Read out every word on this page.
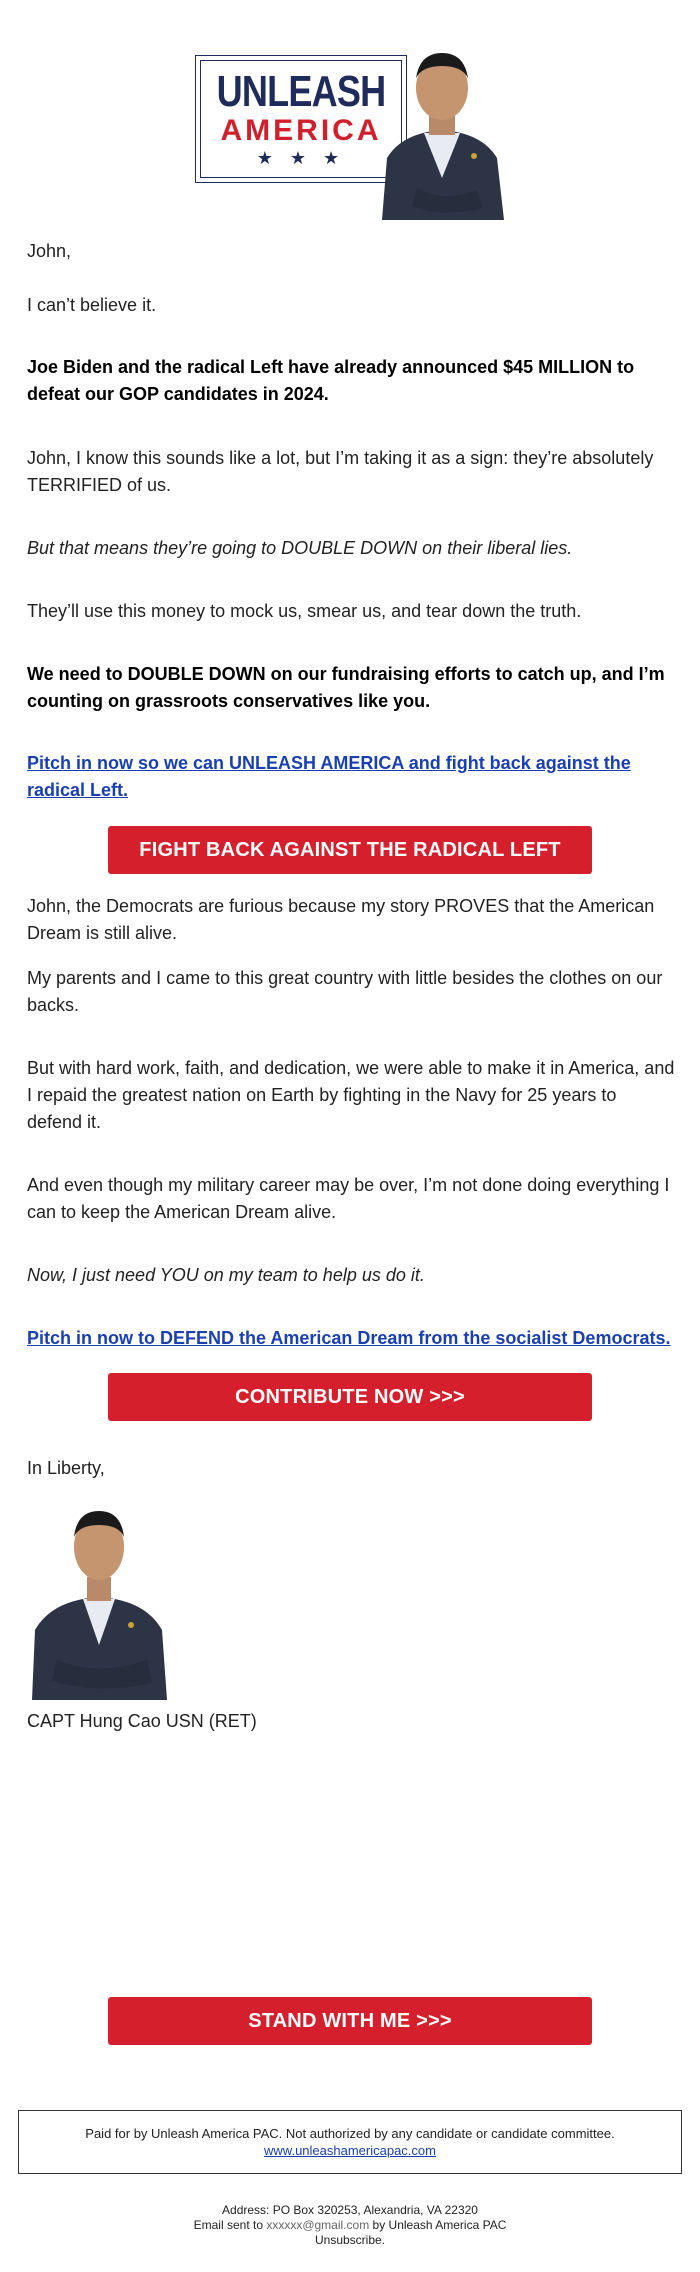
UNLEASH
AMERICA
★ ★ ★

John,

I can’t believe it.

Joe Biden and the radical Left have already announced $45 MILLION to defeat our GOP candidates in 2024.

John, I know this sounds like a lot, but I’m taking it as a sign: they’re absolutely TERRIFIED of us.

But that means they’re going to DOUBLE DOWN on their liberal lies.

They’ll use this money to mock us, smear us, and tear down the truth.

We need to DOUBLE DOWN on our fundraising efforts to catch up, and I’m counting on grassroots conservatives like you.

Pitch in now so we can UNLEASH AMERICA and fight back against the radical Left.

FIGHT BACK AGAINST THE RADICAL LEFT

John, the Democrats are furious because my story PROVES that the American Dream is still alive.

My parents and I came to this great country with little besides the clothes on our backs.

But with hard work, faith, and dedication, we were able to make it in America, and I repaid the greatest nation on Earth by fighting in the Navy for 25 years to defend it.

And even though my military career may be over, I’m not done doing everything I can to keep the American Dream alive.

Now, I just need YOU on my team to help us do it.

Pitch in now to DEFEND the American Dream from the socialist Democrats.

CONTRIBUTE NOW >>>

In Liberty,

CAPT Hung Cao USN (RET)

STAND WITH ME >>>
Paid for by Unleash America PAC. Not authorized by any candidate or candidate committee.
www.unleashamericapac.com
Address: PO Box 320253, Alexandria, VA 22320
Email sent to xxxxxx@gmail.com by Unleash America PAC
Unsubscribe.
